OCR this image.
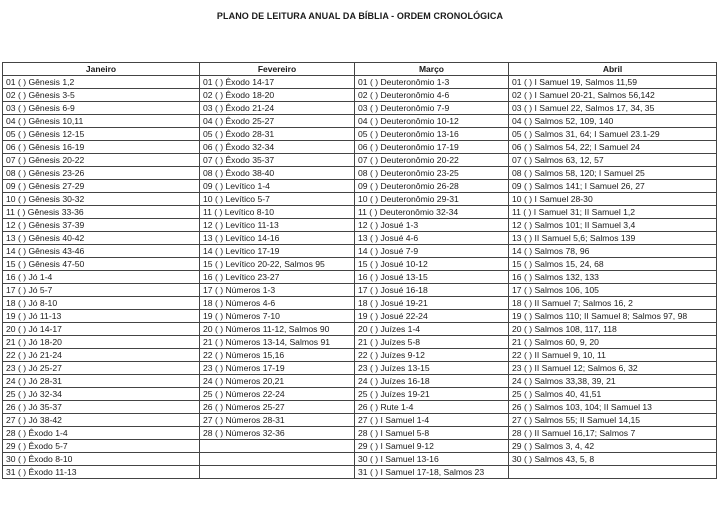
PLANO DE LEITURA ANUAL DA BÍBLIA - ORDEM CRONOLÓGICA
Janeiro	Fevereiro	Março	Abril
01 ( ) Gênesis 1,2	01 ( ) Êxodo 14-17	01 ( ) Deuteronômio 1-3	01 ( ) I Samuel 19, Salmos 11,59
02 ( ) Gênesis 3-5	02 ( ) Êxodo 18-20	02 ( ) Deuteronômio 4-6	02 ( ) I Samuel 20-21, Salmos 56,142
03 ( ) Gênesis 6-9	03 ( ) Êxodo 21-24	03 ( ) Deuteronômio 7-9	03 ( ) I Samuel 22, Salmos 17, 34, 35
04 ( ) Gênesis 10,11	04 ( ) Êxodo 25-27	04 ( ) Deuteronômio 10-12	04 ( ) Salmos 52, 109, 140
05 ( ) Gênesis 12-15	05 ( ) Êxodo 28-31	05 ( ) Deuteronômio 13-16	05 ( ) Salmos 31, 64; I Samuel 23.1-29
06 ( ) Gênesis 16-19	06 ( ) Êxodo 32-34	06 ( ) Deuteronômio 17-19	06 ( ) Salmos 54, 22; I Samuel 24
07 ( ) Gênesis 20-22	07 ( ) Êxodo 35-37	07 ( ) Deuteronômio 20-22	07 ( ) Salmos 63, 12, 57
08 ( ) Gênesis 23-26	08 ( ) Êxodo 38-40	08 ( ) Deuteronômio 23-25	08 ( ) Salmos 58, 120; I Samuel 25
09 ( ) Gênesis 27-29	09 ( ) Levítico 1-4	09 ( ) Deuteronômio 26-28	09 ( ) Salmos 141; I Samuel 26, 27
10 ( ) Gênesis 30-32	10 ( ) Levítico 5-7	10 ( ) Deuteronômio 29-31	10 ( ) I Samuel 28-30
11 ( ) Gênesis 33-36	11 ( ) Levítico 8-10	11 ( ) Deuteronômio 32-34	11 ( ) I Samuel 31; II Samuel 1,2
12 ( ) Gênesis 37-39	12 ( ) Levítico 11-13	12 ( ) Josué 1-3	12 ( ) Salmos 101; II Samuel 3,4
13 ( ) Gênesis 40-42	13 ( ) Levítico 14-16	13 ( ) Josué 4-6	13 ( ) II Samuel 5,6; Salmos 139
14 ( ) Gênesis 43-46	14 ( ) Levítico 17-19	14 ( ) Josué 7-9	14 ( ) Salmos 78, 96
15 ( ) Gênesis 47-50	15 ( ) Levítico 20-22, Salmos 95	15 ( ) Josué 10-12	15 ( ) Salmos 15, 24, 68
16 ( ) Jó 1-4	16 ( ) Levítico 23-27	16 ( ) Josué 13-15	16 ( ) Salmos 132, 133
17 ( ) Jó 5-7	17 ( ) Números 1-3	17 ( ) Josué 16-18	17 ( ) Salmos 106, 105
18 ( ) Jó 8-10	18 ( ) Números 4-6	18 ( ) Josué 19-21	18 ( ) II Samuel 7; Salmos 16, 2
19 ( ) Jó 11-13	19 ( ) Números 7-10	19 ( ) Josué 22-24	19 ( ) Salmos 110; II Samuel 8; Salmos 97, 98
20 ( ) Jó 14-17	20 ( ) Números 11-12, Salmos 90	20 ( ) Juízes 1-4	20 ( ) Salmos 108, 117, 118
21 ( ) Jó 18-20	21 ( ) Números 13-14, Salmos 91	21 ( ) Juízes 5-8	21 ( ) Salmos 60, 9, 20
22 ( ) Jó 21-24	22 ( ) Números 15,16	22 ( ) Juízes 9-12	22 ( ) II Samuel 9, 10, 11
23 ( ) Jó 25-27	23 ( ) Números 17-19	23 ( ) Juízes 13-15	23 ( ) II Samuel 12; Salmos 6, 32
24 ( ) Jó 28-31	24 ( ) Números 20,21	24 ( ) Juízes 16-18	24 ( ) Salmos 33,38, 39, 21
25 ( ) Jó 32-34	25 ( ) Números 22-24	25 ( ) Juízes 19-21	25 ( ) Salmos 40, 41,51
26 ( ) Jó 35-37	26 ( ) Números 25-27	26 ( ) Rute 1-4	26 ( ) Salmos 103, 104; II Samuel 13
27 ( ) Jó 38-42	27 ( ) Números 28-31	27 ( ) I Samuel 1-4	27 ( ) Salmos 55; II Samuel 14,15
28 ( ) Êxodo 1-4	28 ( ) Números 32-36	28 ( ) I Samuel 5-8	28 ( ) II Samuel 16,17; Salmos 7
29 ( ) Êxodo 5-7		29 ( ) I Samuel 9-12	29 ( ) Salmos 3, 4, 42
30 ( ) Êxodo 8-10		30 ( ) I Samuel 13-16	30 ( ) Salmos 43, 5, 8
31 ( ) Êxodo 11-13		31 ( ) I Samuel 17-18, Salmos 23	
